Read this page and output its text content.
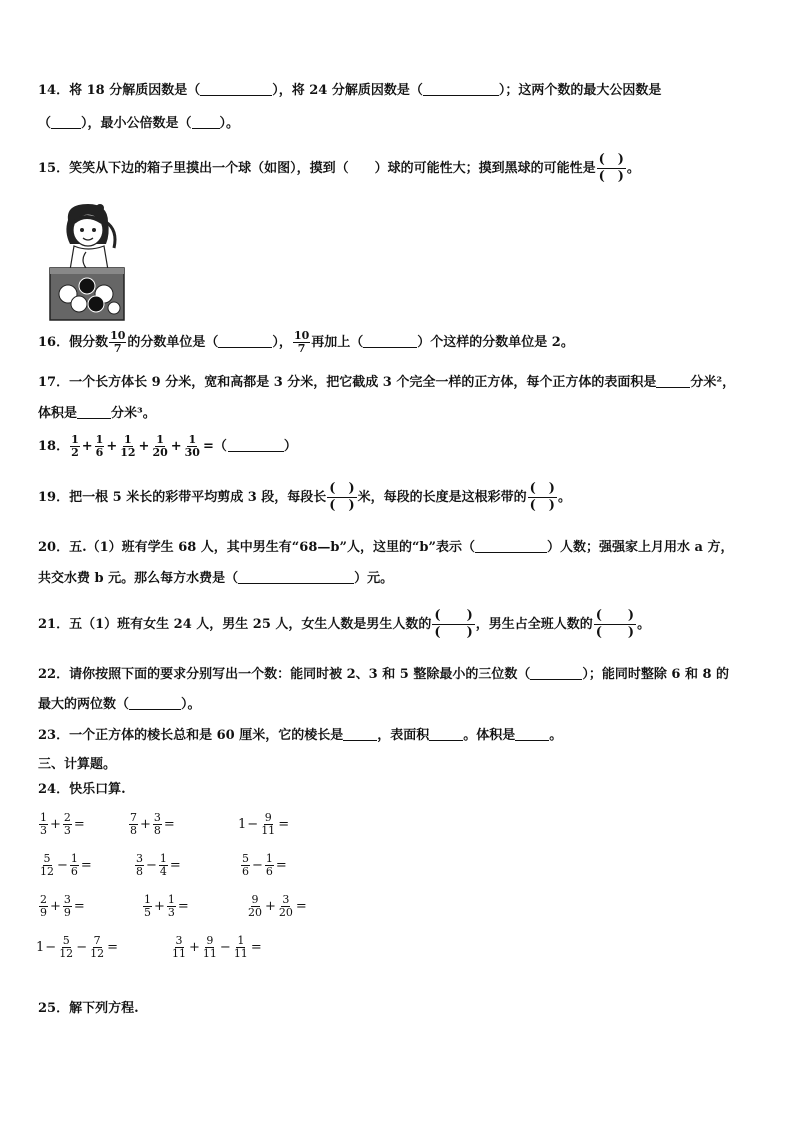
14．将 18 分解质因数是（	），将 24 分解质因数是（	）；这两个数的最大公因数是
（ ），最小公倍数是（ ）。
15．笑笑从下边的箱子里摸出一个球（如图），摸到（　　）球的可能性大；摸到黑球的可能性是
(　)
(　)
。
16．假分数 $\frac{10}{7}$ 的分数单位是（	）， $\frac{10}{7}$ 再加上（	）个这样的分数单位是 2。
17．一个长方体长 9 分米，宽和高都是 3 分米，把它截成 3 个完全一样的正方体，每个正方体的表面积是	分米²，
体积是	分米³。
18． $\frac{1}{2} + \frac{1}{6} + \frac{1}{12} + \frac{1}{20} + \frac{1}{30}$ =（	）
19．把一根 5 米长的彩带平均剪成 3 段，每段长
(　)
(　)
米，每段的长度是这根彩带的
(　)
(　)
。
20．五.（1）班有学生 68 人，其中男生有“68—b”人，这里的“b”表示（	）人数；强强家上月用水 a 方，
共交水费 b 元。那么每方水费是（	）元。
21．五（1）班有女生 24 人，男生 25 人，女生人数是男生人数的
(　　)
(　　)
，男生占全班人数的
(　　)
(　　)
。
22．请你按照下面的要求分别写出一个数：能同时被 2、3 和 5 整除最小的三位数（	）；能同时整除 6 和 8 的
最大的两位数（	）。
23．一个正方体的棱长总和是 60 厘米，它的棱长是	，表面积	。体积是	。
三、计算题。
24．快乐口算.
$\frac{1}{3} + \frac{2}{3}$ =	$\frac{7}{8} + \frac{3}{8}$ =	$1 - \frac{9}{11}$ =
$\frac{5}{12} - \frac{1}{6}$ =	$\frac{3}{8} - \frac{1}{4}$ =	$\frac{5}{6} - \frac{1}{6}$ =
$\frac{2}{9} + \frac{3}{9}$ =	$\frac{1}{5} + \frac{1}{3}$ =	$\frac{9}{20} + \frac{3}{20}$ =
$1 - \frac{5}{12} - \frac{7}{12}$ =	$\frac{3}{11} + \frac{9}{11} - \frac{1}{11}$ =
25．解下列方程.
